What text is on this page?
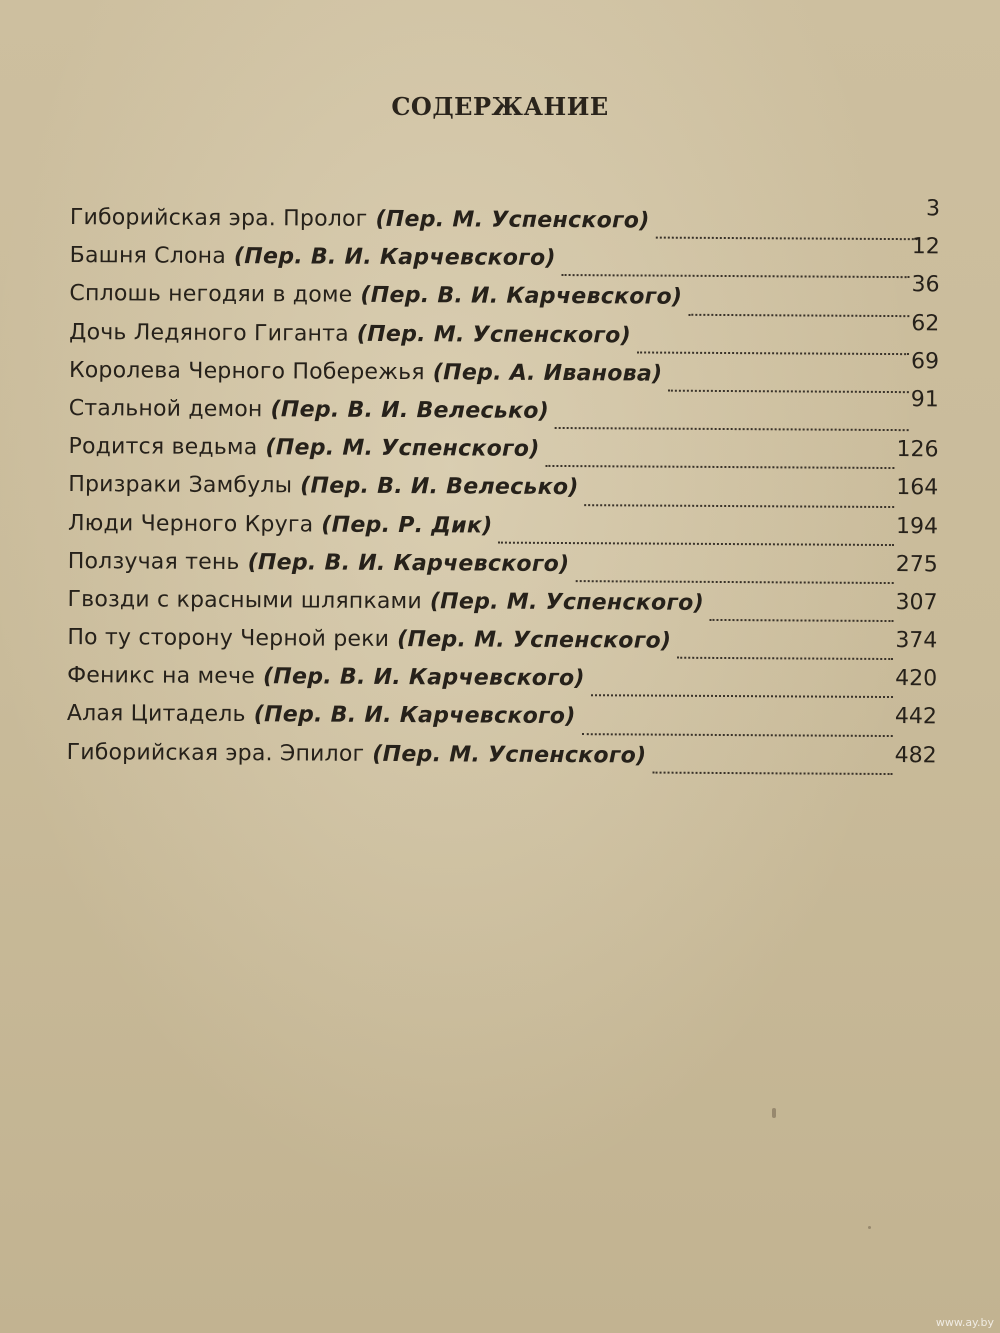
СОДЕРЖАНИЕ
Гиборийская эра. Пролог (Пер. М. Успенского)	3
Башня Слона (Пер. В. И. Карчевского)	12
Сплошь негодяи в доме (Пер. В. И. Карчевского)	36
Дочь Ледяного Гиганта (Пер. М. Успенского)	62
Королева Черного Побережья (Пер. А. Иванова)	69
Стальной демон (Пер. В. И. Велесько)	91
Родится ведьма (Пер. М. Успенского)	126
Призраки Замбулы (Пер. В. И. Велесько)	164
Люди Черного Круга (Пер. Р. Дик)	194
Ползучая тень (Пер. В. И. Карчевского)	275
Гвозди с красными шляпками (Пер. М. Успенского)	307
По ту сторону Черной реки (Пер. М. Успенского)	374
Феникс на мече (Пер. В. И. Карчевского)	420
Алая Цитадель (Пер. В. И. Карчевского)	442
Гиборийская эра. Эпилог (Пер. М. Успенского)	482
www.ay.by
